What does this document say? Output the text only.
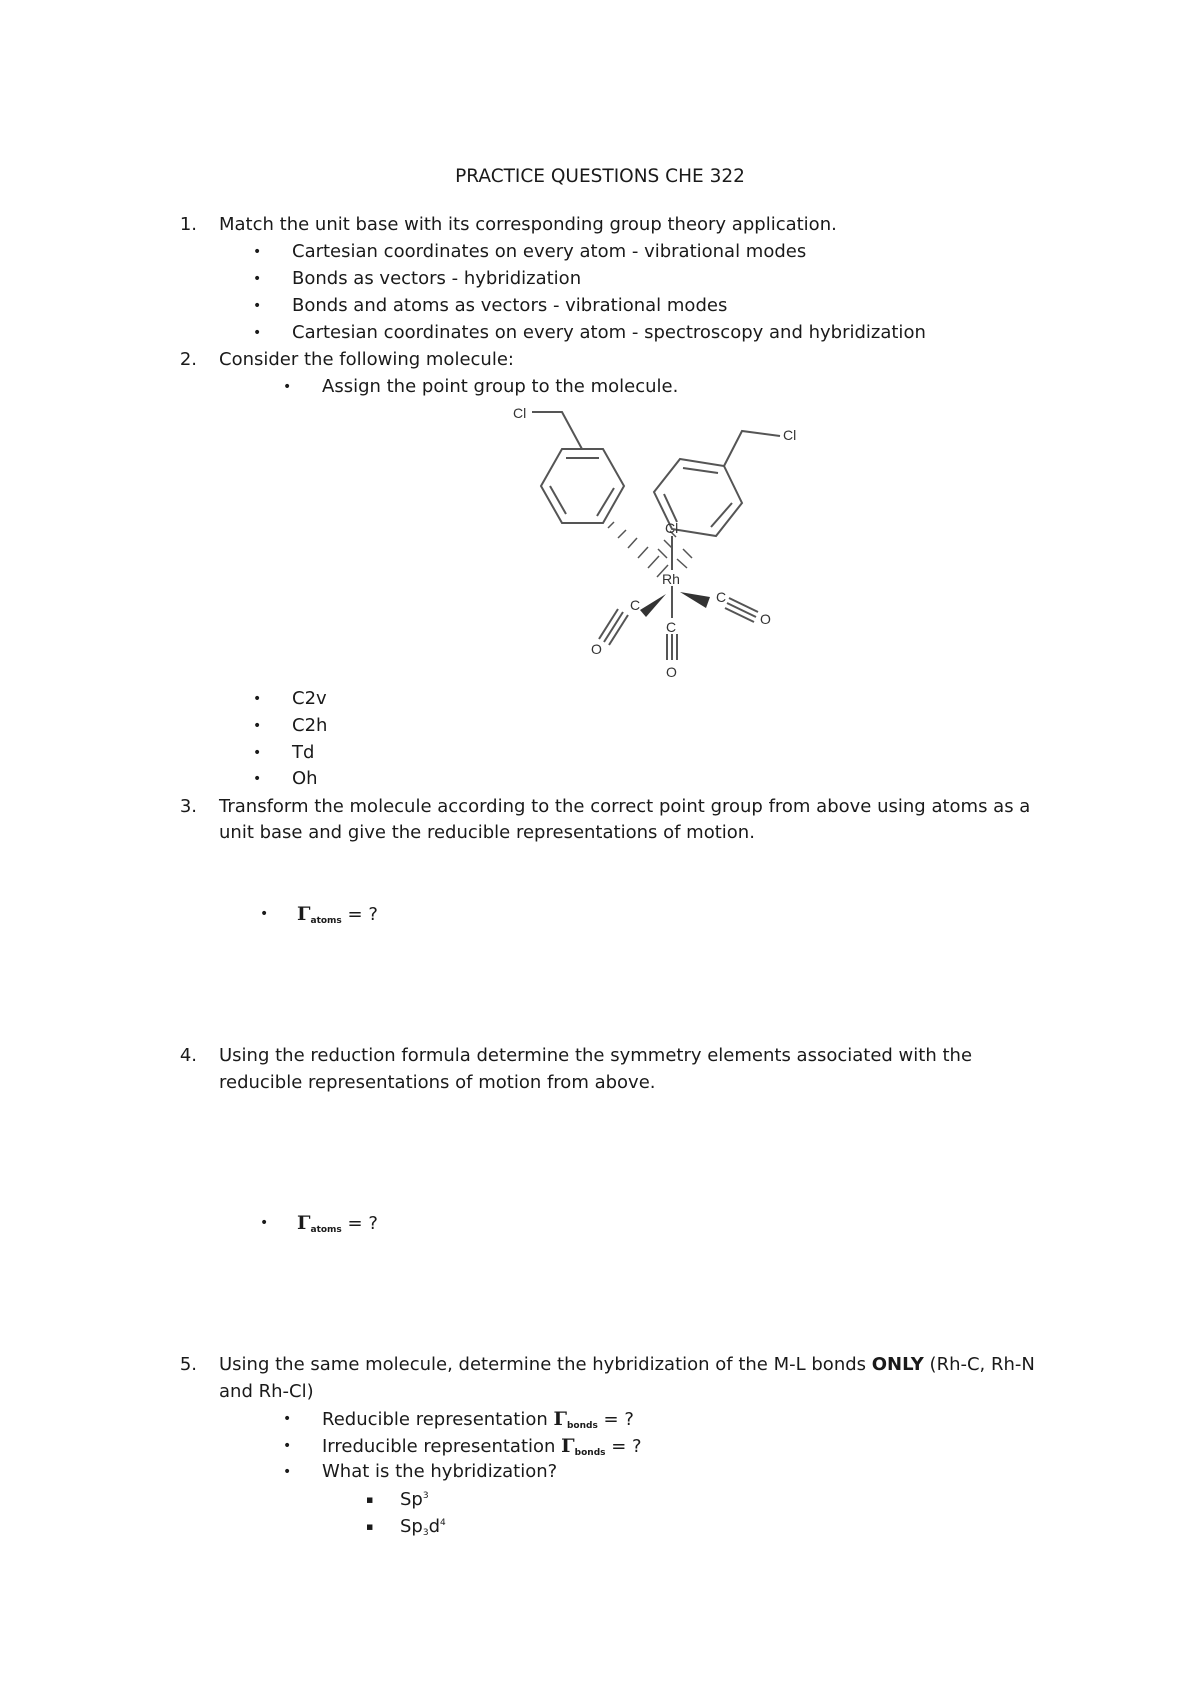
PRACTICE QUESTIONS CHE 322
1. Match the unit base with its corresponding group theory application.
• Cartesian coordinates on every atom - vibrational modes
• Bonds as vectors - hybridization
• Bonds and atoms as vectors - vibrational modes
• Cartesian coordinates on every atom - spectroscopy and hybridization
2. Consider the following molecule:
• Assign the point group to the molecule.
Cl
Cl
Cl
Rh
C
O
C
O
C
O
• C2v
• C2h
• Td
• Oh
3. Transform the molecule according to the correct point group from above using atoms as a
unit base and give the reducible representations of motion.
• Γatoms = ?
4. Using the reduction formula determine the symmetry elements associated with the
reducible representations of motion from above.
• Γatoms = ?
5. Using the same molecule, determine the hybridization of the M-L bonds ONLY (Rh-C, Rh-N
and Rh-Cl)
• Reducible representation Γbonds = ?
• Irreducible representation Γbonds = ?
• What is the hybridization?
▪ Sp$^3$
▪ $Sp3d^4$
